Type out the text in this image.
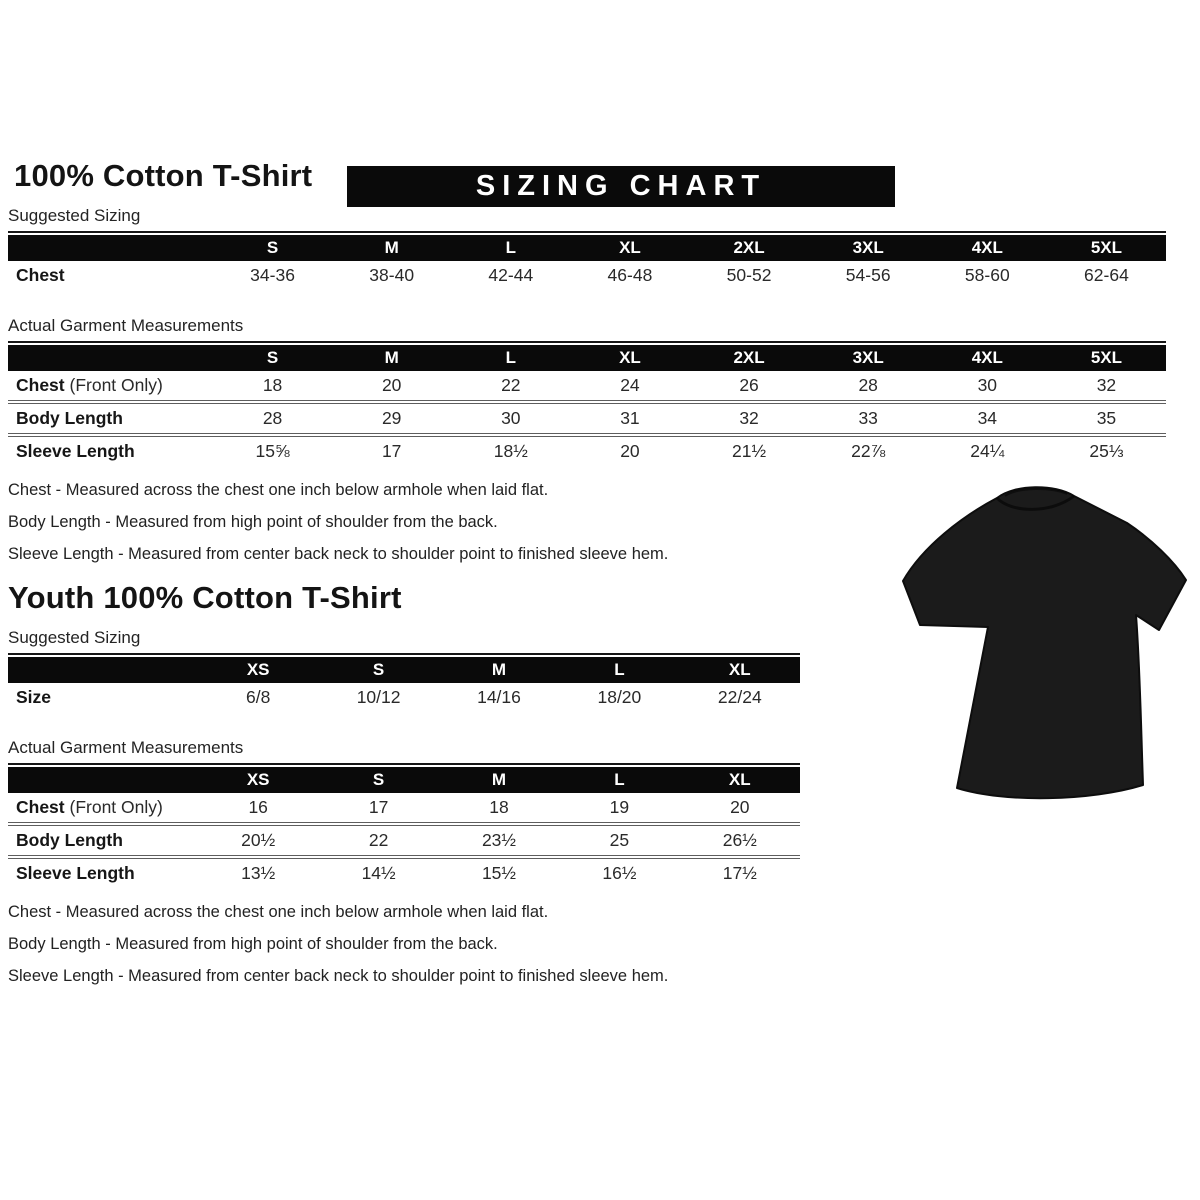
SIZING CHART
100% Cotton T-Shirt
Suggested Sizing
S	M	L	XL	2XL	3XL	4XL	5XL
Chest	34-36	38-40	42-44	46-48	50-52	54-56	58-60	62-64
Actual Garment Measurements
S	M	L	XL	2XL	3XL	4XL	5XL
Chest (Front Only)	18	20	22	24	26	28	30	32
Body Length	28	29	30	31	32	33	34	35
Sleeve Length	15⅝	17	18½	20	21½	22⅞	24¼	25⅓
Chest - Measured across the chest one inch below armhole when laid flat.
Body Length - Measured from high point of shoulder from the back.
Sleeve Length - Measured from center back neck to shoulder point to finished sleeve hem.
Youth 100% Cotton T-Shirt
Suggested Sizing
XS	S	M	L	XL
Size	6/8	10/12	14/16	18/20	22/24
Actual Garment Measurements
XS	S	M	L	XL
Chest (Front Only)	16	17	18	19	20
Body Length	20½	22	23½	25	26½
Sleeve Length	13½	14½	15½	16½	17½
Chest - Measured across the chest one inch below armhole when laid flat.
Body Length - Measured from high point of shoulder from the back.
Sleeve Length - Measured from center back neck to shoulder point to finished sleeve hem.
